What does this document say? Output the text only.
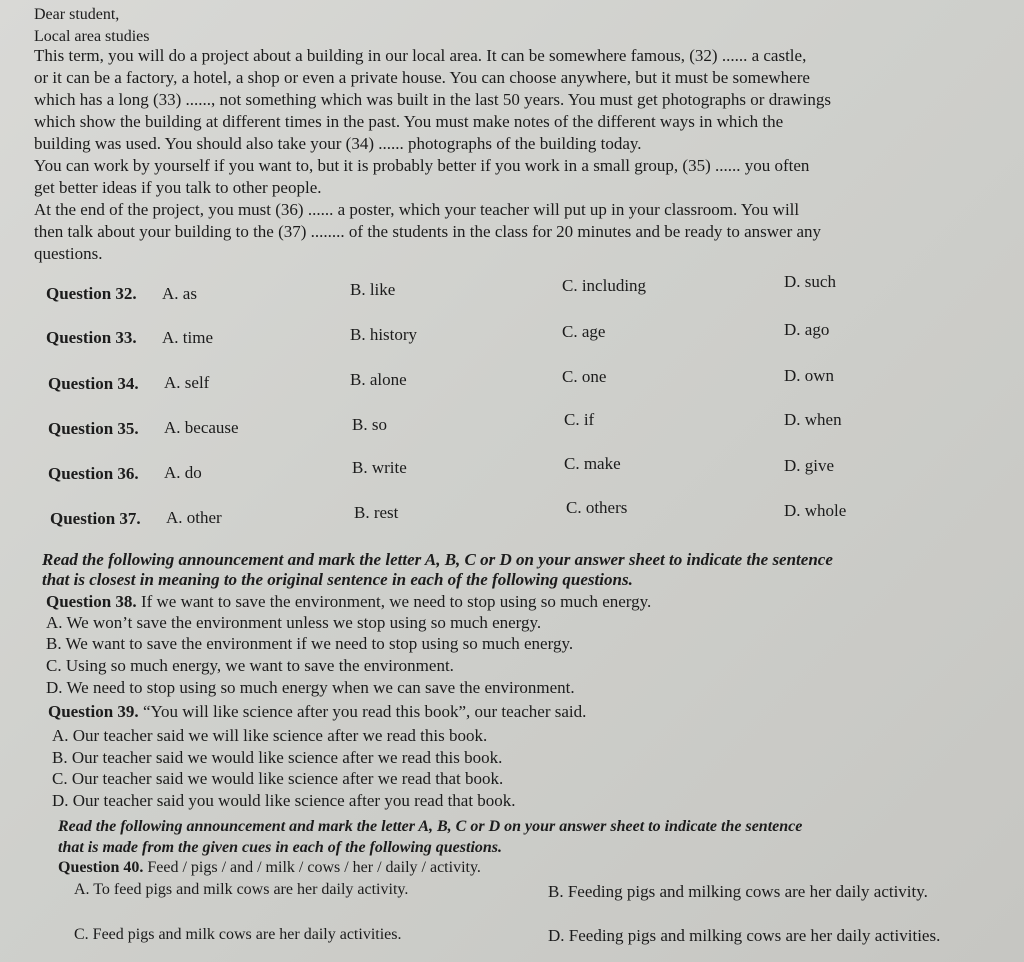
Dear student,
Local area studies
This term, you will do a project about a building in our local area. It can be somewhere famous, (32) ...... a castle,
or it can be a factory, a hotel, a shop or even a private house. You can choose anywhere, but it must be somewhere
which has a long (33) ......, not something which was built in the last 50 years. You must get photographs or drawings
which show the building at different times in the past. You must make notes of the different ways in which the
building was used. You should also take your (34) ...... photographs of the building today.
You can work by yourself if you want to, but it is probably better if you work in a small group, (35) ...... you often
get better ideas if you talk to other people.
At the end of the project, you must (36) ...... a poster, which your teacher will put up in your classroom. You will
then talk about your building to the (37) ........ of the students in the class for 20 minutes and be ready to answer any
questions.
Question 32. A. as	B. like	C. including	D. such
Question 33. A. time	B. history	C. age	D. ago
Question 34. A. self	B. alone	C. one	D. own
Question 35. A. because	B. so	C. if	D. when
Question 36. A. do	B. write	C. make	D. give
Question 37. A. other	B. rest	C. others	D. whole
Read the following announcement and mark the letter A, B, C or D on your answer sheet to indicate the sentence
that is closest in meaning to the original sentence in each of the following questions.
Question 38. If we want to save the environment, we need to stop using so much energy.
A. We won’t save the environment unless we stop using so much energy.
B. We want to save the environment if we need to stop using so much energy.
C. Using so much energy, we want to save the environment.
D. We need to stop using so much energy when we can save the environment.
Question 39. “You will like science after you read this book”, our teacher said.
A. Our teacher said we will like science after we read this book.
B. Our teacher said we would like science after we read this book.
C. Our teacher said we would like science after we read that book.
D. Our teacher said you would like science after you read that book.
Read the following announcement and mark the letter A, B, C or D on your answer sheet to indicate the sentence
that is made from the given cues in each of the following questions.
Question 40. Feed / pigs / and / milk / cows / her / daily / activity.
A. To feed pigs and milk cows are her daily activity.	B. Feeding pigs and milking cows are her daily activity.
C. Feed pigs and milk cows are her daily activities.	D. Feeding pigs and milking cows are her daily activities.
